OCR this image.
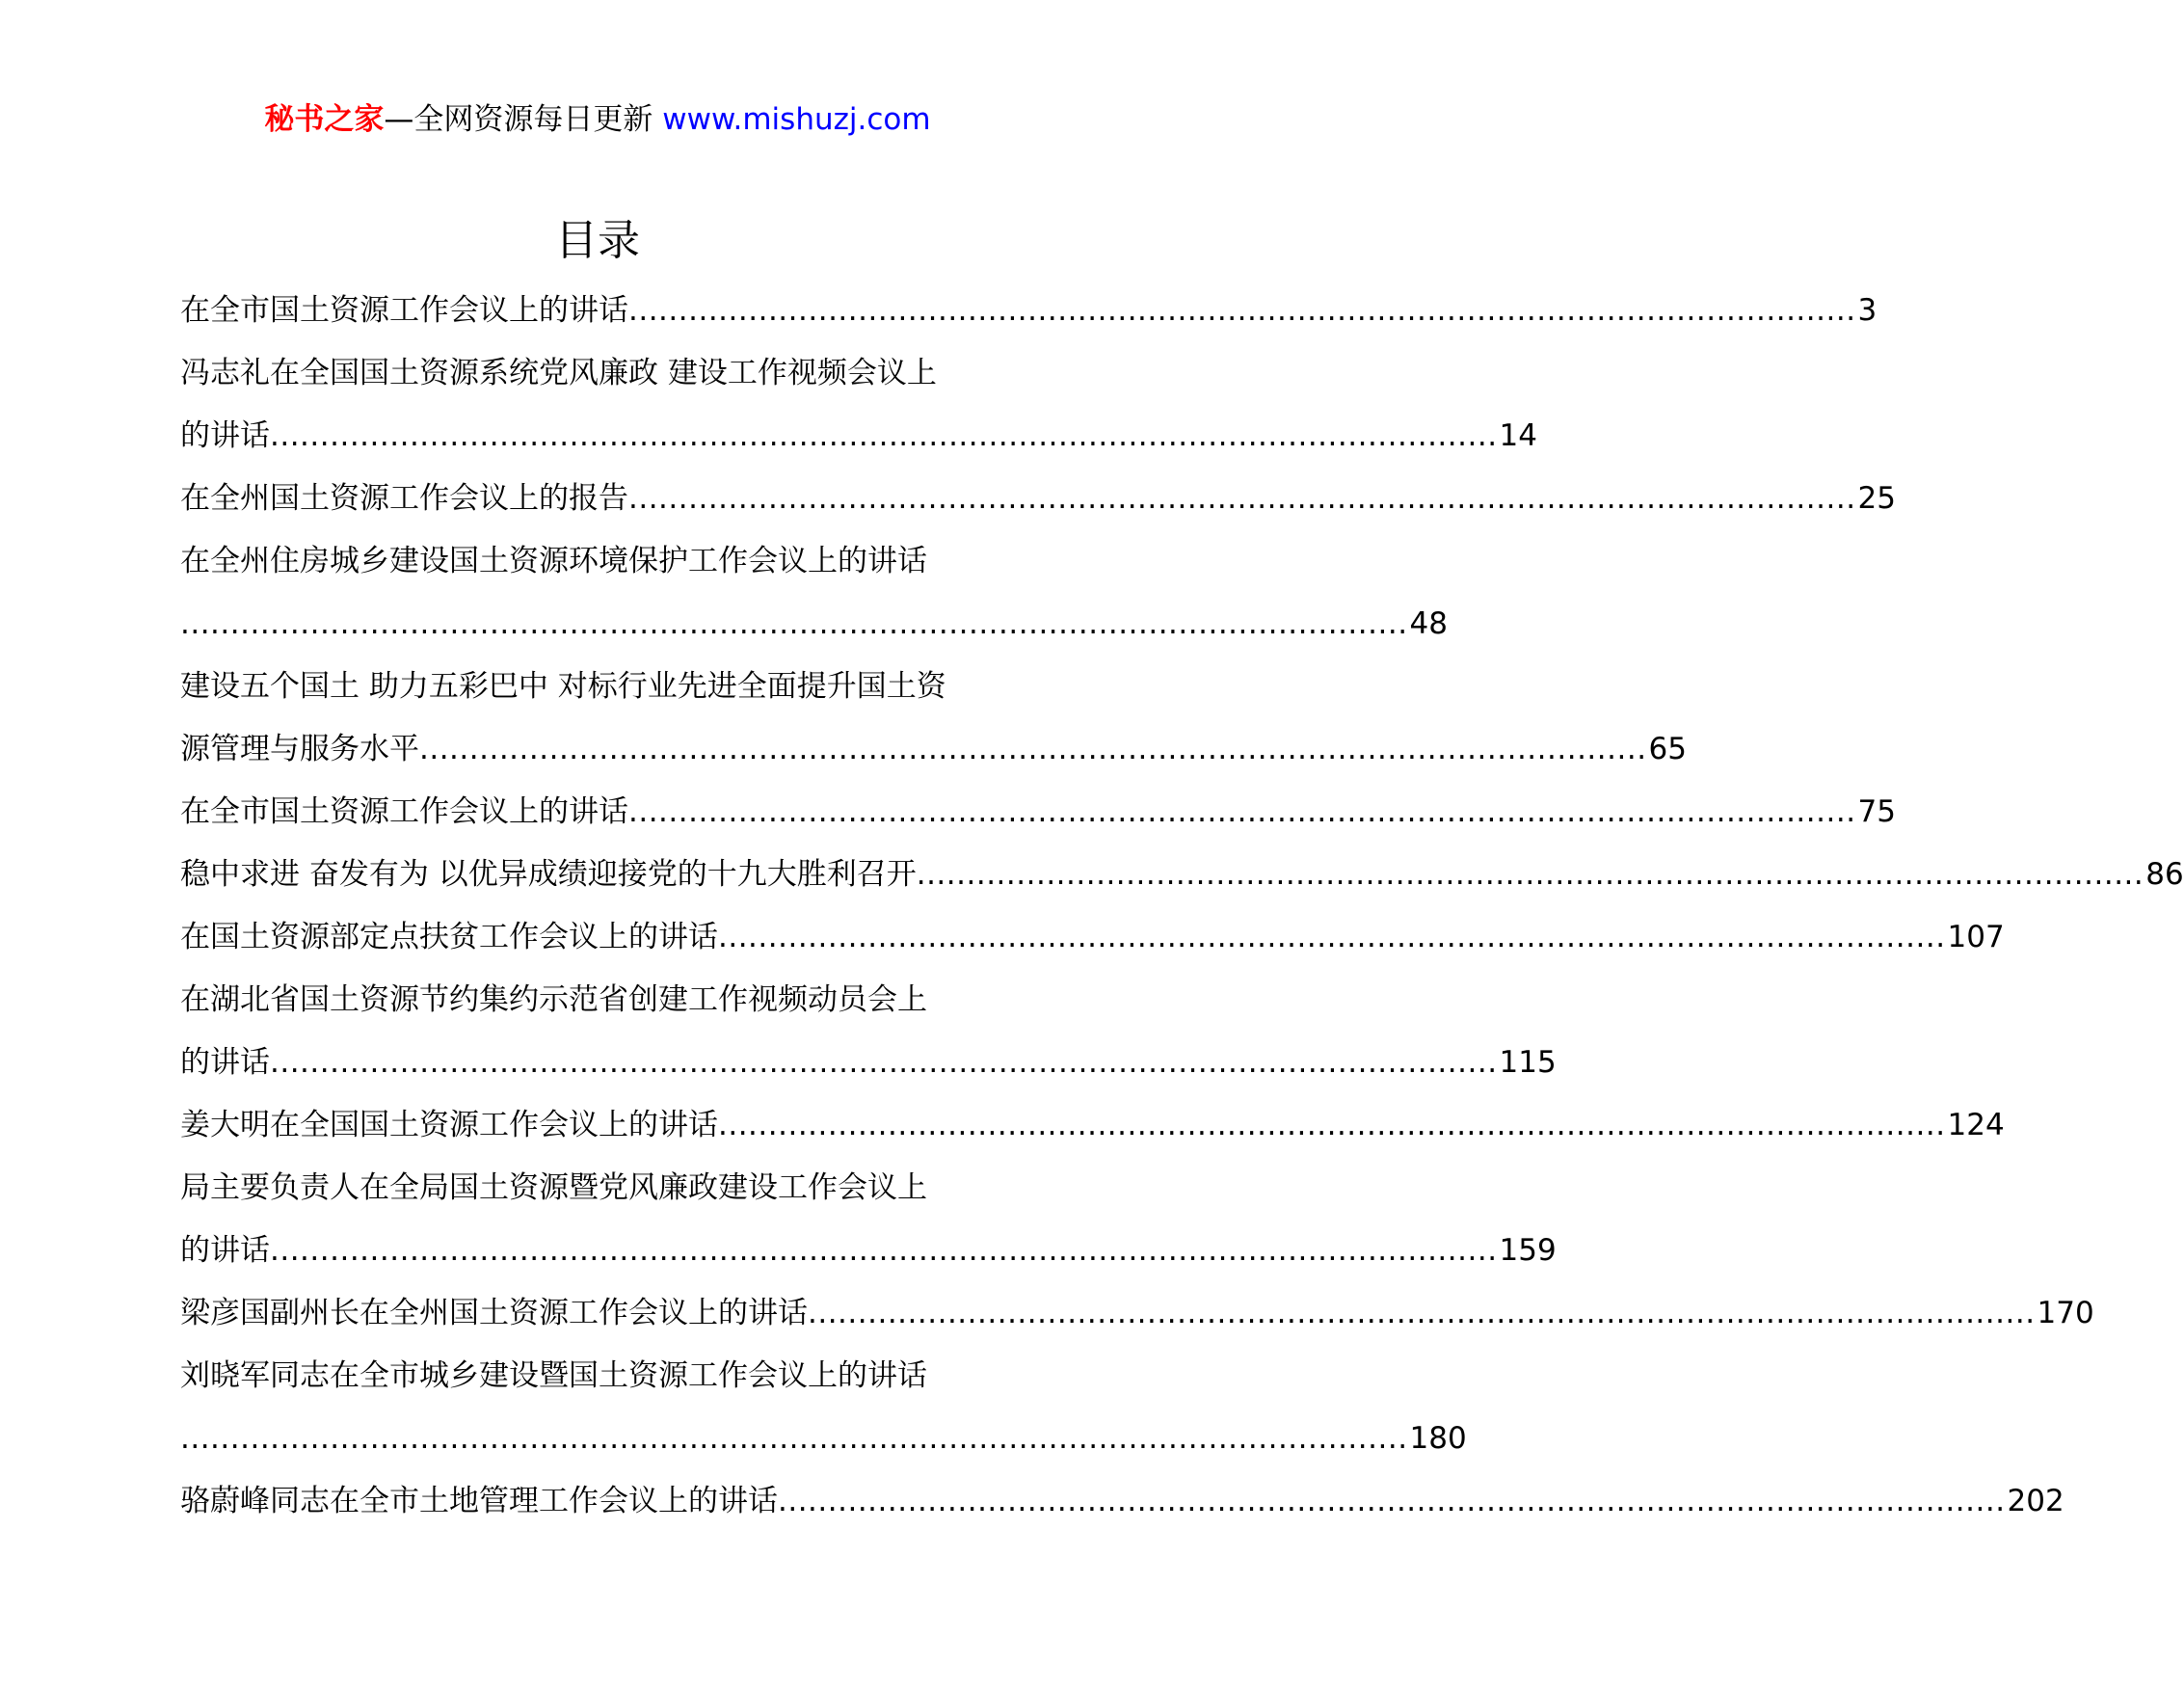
秘书之家—全网资源每日更新 www.mishuzj.com
目录
在全市国土资源工作会议上的讲话 ........................................................................................................................... 3
冯志礼在全国国土资源系统党风廉政 建设工作视频会议上
的讲话 ........................................................................................................................... 14
在全州国土资源工作会议上的报告 ........................................................................................................................... 25
在全州住房城乡建设国土资源环境保护工作会议上的讲话
........................................................................................................................... 48
建设五个国土 助力五彩巴中 对标行业先进全面提升国土资
源管理与服务水平 ........................................................................................................................... 65
在全市国土资源工作会议上的讲话 ........................................................................................................................... 75
稳中求进 奋发有为 以优异成绩迎接党的十九大胜利召开 ........................................................................................................................... 86
在国土资源部定点扶贫工作会议上的讲话 ........................................................................................................................... 107
在湖北省国土资源节约集约示范省创建工作视频动员会上
的讲话 ........................................................................................................................... 115
姜大明在全国国土资源工作会议上的讲话 ........................................................................................................................... 124
局主要负责人在全局国土资源暨党风廉政建设工作会议上
的讲话 ........................................................................................................................... 159
梁彦国副州长在全州国土资源工作会议上的讲话 ........................................................................................................................... 170
刘晓军同志在全市城乡建设暨国土资源工作会议上的讲话
........................................................................................................................... 180
骆蔚峰同志在全市土地管理工作会议上的讲话 ........................................................................................................................... 202
